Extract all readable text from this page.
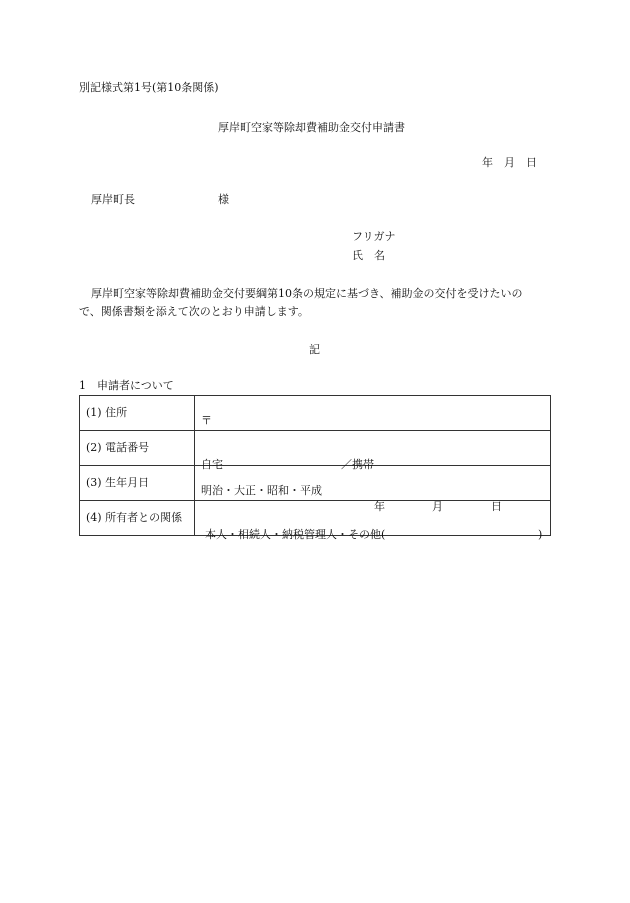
別記様式第1号(第10条関係)
厚岸町空家等除却費補助金交付申請書
年　月　日
厚岸町長	様
フリガナ
氏　名
厚岸町空家等除却費補助金交付要綱第10条の規定に基づき、補助金の交付を受けたいの
で、関係書類を添えて次のとおり申請します。
記
1　申請者について
(1) 住所	〒

(2) 電話番号	自宅 ／携帯

(3) 生年月日	明治・大正・昭和・平成
年 月 日

(4) 所有者との関係	本人・相続人・納税管理人・その他( )
